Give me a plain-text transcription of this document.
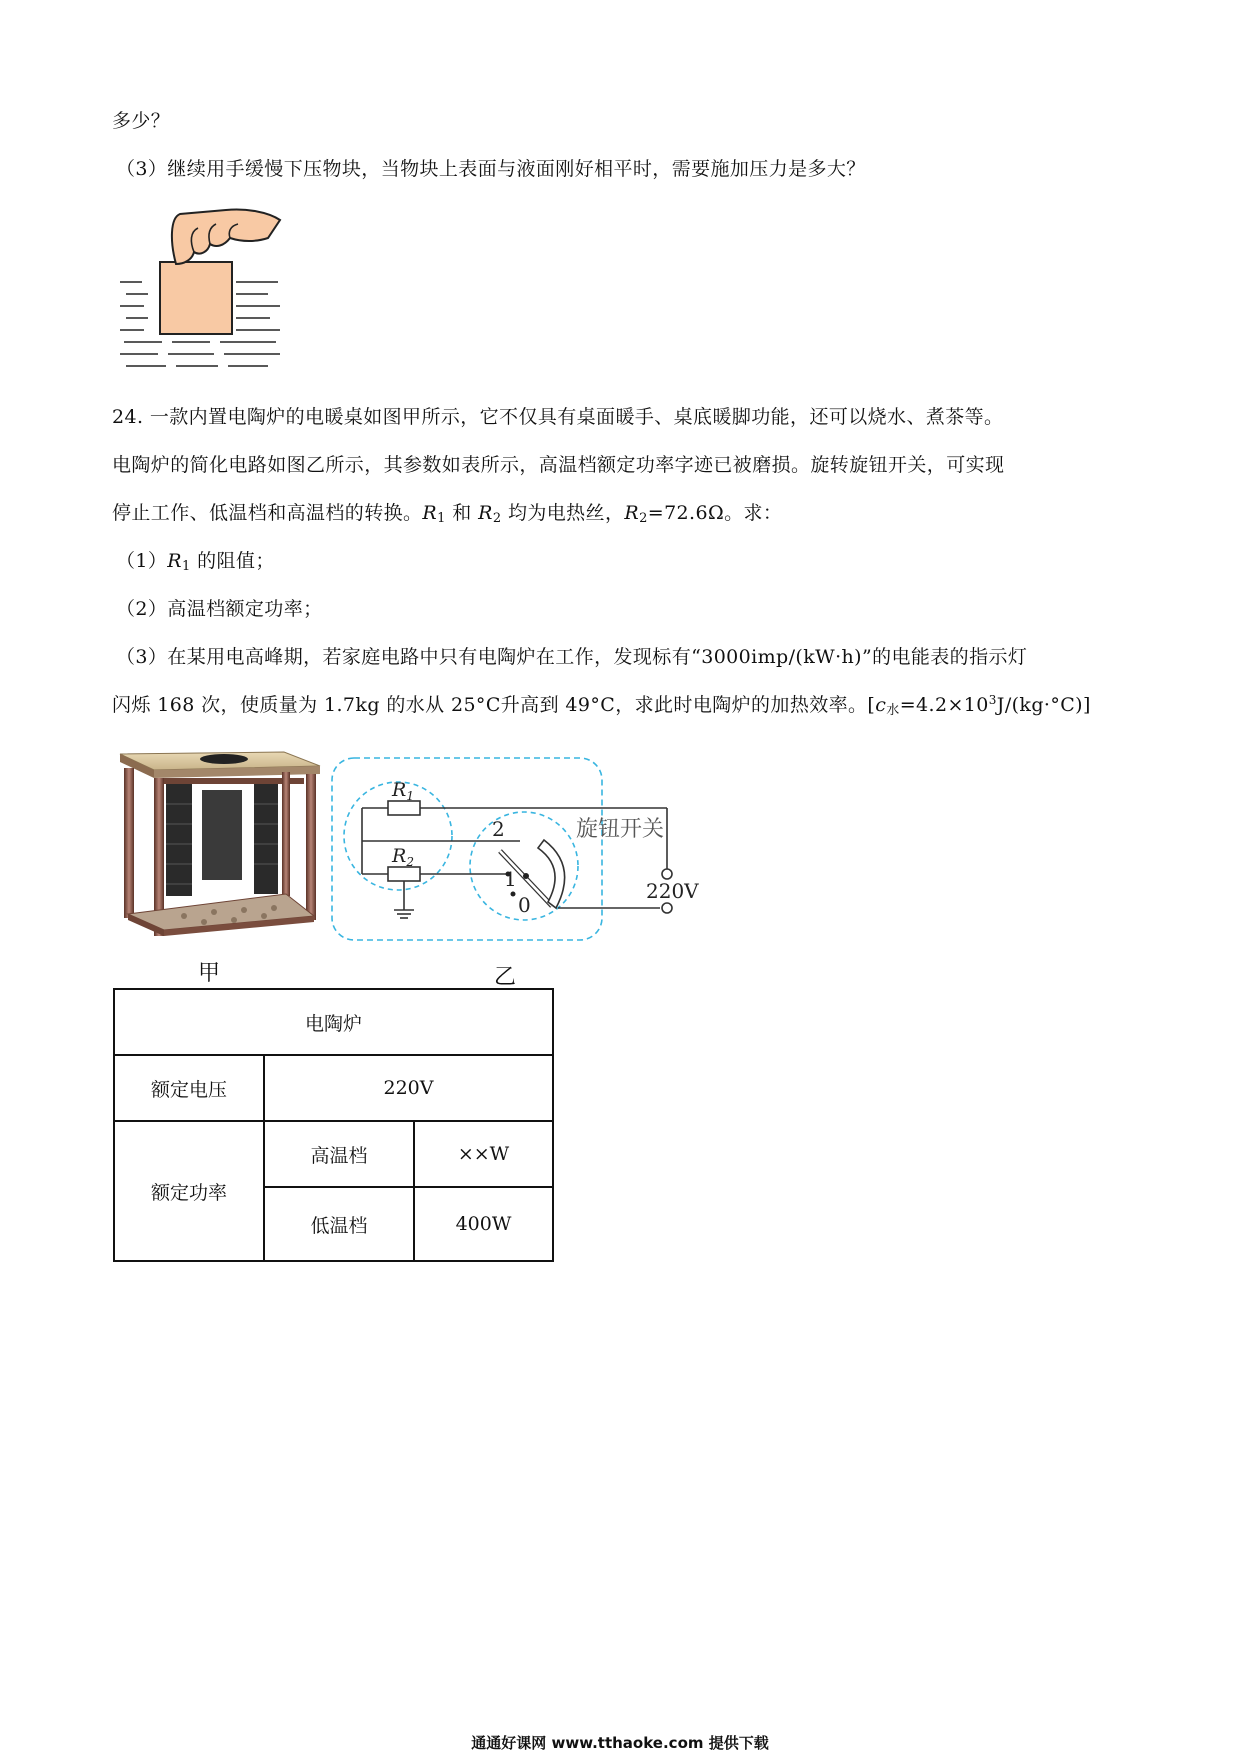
多少？
（3）继续用手缓慢下压物块，当物块上表面与液面刚好相平时，需要施加压力是多大？
24. 一款内置电陶炉的电暖桌如图甲所示，它不仅具有桌面暖手、桌底暖脚功能，还可以烧水、煮茶等。
电陶炉的简化电路如图乙所示，其参数如表所示，高温档额定功率字迹已被磨损。旋转旋钮开关，可实现
停止工作、低温档和高温档的转换。$R_1$ 和 $R_2$ 均为电热丝，$R_2=72.6\Omega$。求：
$(1)R_1$ 的阻值；
（2）高温档额定功率；
（3）在某用电高峰期，若家庭电路中只有电陶炉在工作，发现标有“3000imp/(kW·h)”的电能表的指示灯
闪烁 168 次，使质量为 1.7kg 的水从 25°C升高到 49°C，求此时电陶炉的加热效率。$[c_水=4.2\times 10^3J/(kg\cdot^\circ C)]$
$R_1$
$R_2$
2
1
0
旋钮开关
220V
甲	乙
电陶炉		
额定电压	220V	
额定功率	高温档	××W
	低温档	400W
通通好课网 www.tthaoke.com 提供下载
